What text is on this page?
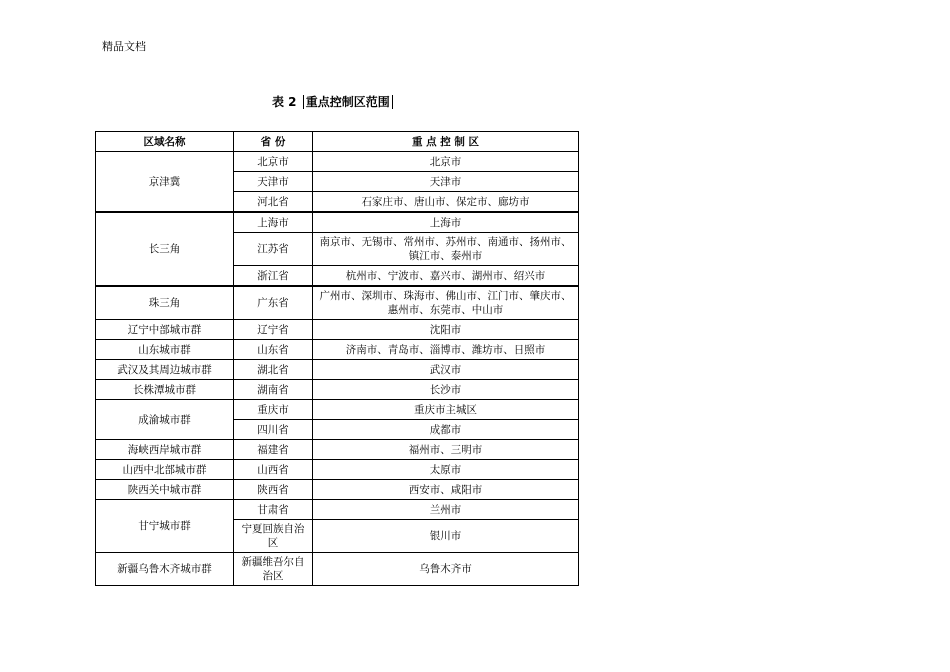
精品文档
表 2 重点控制区范围
区域名称	省 份	重 点 控 制 区
京津冀	北京市	北京市
	天津市	天津市
	河北省	石家庄市、唐山市、保定市、廊坊市
长三角	上海市	上海市
	江苏省	南京市、无锡市、常州市、苏州市、南通市、扬州市、镇江市、泰州市
	浙江省	杭州市、宁波市、嘉兴市、湖州市、绍兴市
珠三角	广东省	广州市、深圳市、珠海市、佛山市、江门市、肇庆市、惠州市、东莞市、中山市
辽宁中部城市群	辽宁省	沈阳市
山东城市群	山东省	济南市、青岛市、淄博市、潍坊市、日照市
武汉及其周边城市群	湖北省	武汉市
长株潭城市群	湖南省	长沙市
成渝城市群	重庆市	重庆市主城区
	四川省	成都市
海峡西岸城市群	福建省	福州市、三明市
山西中北部城市群	山西省	太原市
陕西关中城市群	陕西省	西安市、咸阳市
甘宁城市群	甘肃省	兰州市
	宁夏回族自治区	银川市
新疆乌鲁木齐城市群	新疆维吾尔自治区	乌鲁木齐市
